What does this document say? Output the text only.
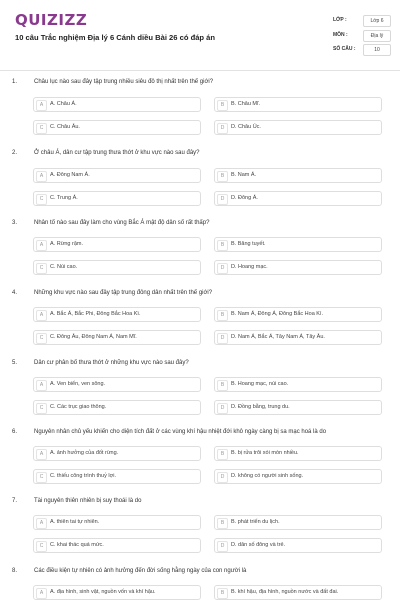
QUIZIZZ
10 câu Trắc nghiệm Địa lý 6 Cánh diều Bài 26 có đáp án
LỚP :	Lớp 6
MÔN :	Địa lý
SỐ CÂU :	10
1.	Châu lục nào sau đây tập trung nhiều siêu đô thị nhất trên thế giới?
A	A. Châu Á.	B	B. Châu Mĩ.
C	C. Châu Âu.	D	D. Châu Úc.
2.	Ở châu Á, dân cư tập trung thưa thớt ở khu vực nào sau đây?
A	A. Đông Nam Á.	B	B. Nam Á.
C	C. Trung Á.	D	D. Đông Á.
3.	Nhân tố nào sau đây làm cho vùng Bắc Á mật độ dân số rất thấp?
A	A. Rừng rậm.	B	B. Băng tuyết.
C	C. Núi cao.	D	D. Hoang mạc.
4.	Những khu vực nào sau đây tập trung đông dân nhất trên thế giới?
A	A. Bắc Á, Bắc Phi, Đông Bắc Hoa Kì.	B	B. Nam Á, Đông Á, Đông Bắc Hoa Kì.
C	C. Đông Âu, Đông Nam Á, Nam Mĩ.	D	D. Nam Á, Bắc Á, Tây Nam Á, Tây Âu.
5.	Dân cư phân bố thưa thớt ở những khu vực nào sau đây?
A	A. Ven biển, ven sông.	B	B. Hoang mạc, núi cao.
C	C. Các trục giao thông.	D	D. Đồng bằng, trung du.
6.	Nguyên nhân chủ yếu khiến cho diện tích đất ở các vùng khí hậu nhiệt đới khô ngày càng bị sa mạc hoá là do
A	A. ảnh hưởng của đốt rừng.	B	B. bị rửa trôi xói mòn nhiều.
C	C. thiếu công trình thuỷ lợi.	D	D. không có người sinh sống.
7.	Tài nguyên thiên nhiên bị suy thoái là do
A	A. thiên tai tự nhiên.	B	B. phát triển du lịch.
C	C. khai thác quá mức.	D	D. dân số đông và trẻ.
8.	Các điều kiện tự nhiên có ảnh hưởng đến đời sống hằng ngày của con người là
A	A. địa hình, sinh vật, nguồn vốn và khí hậu.	B	B. khí hậu, địa hình, nguồn nước và đất đai.
